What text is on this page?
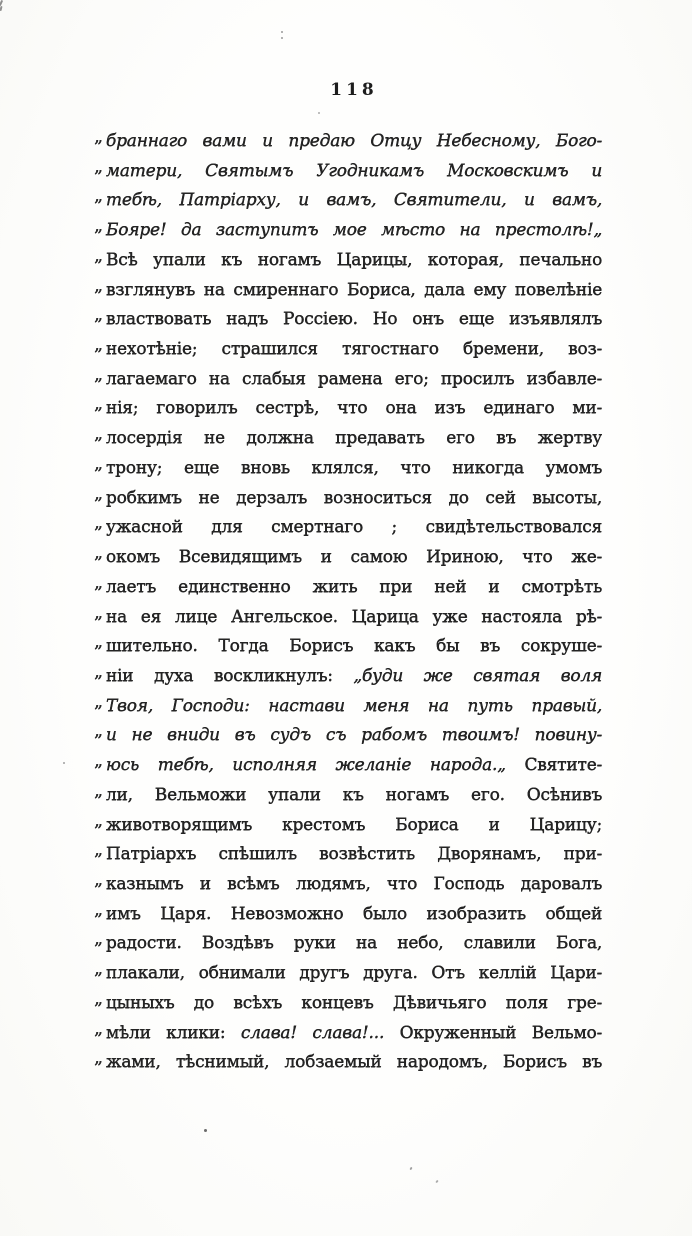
118
„ браннаго вами и предаю Отцу Небесному, Бого-
„ матери, Святымъ Угодникамъ Московскимъ и
„ тебѣ, Патріарху, и вамъ, Святители, и вамъ,
„ Бояре! да заступитъ мое мѣсто на престолѣ!„
„ Всѣ упали къ ногамъ Царицы, которая, печально
„ взглянувъ на смиреннаго Бориса, дала ему повелѣніе
„ властвовать надъ Россіею. Но онъ еще изъявлялъ
„ нехотѣніе; страшился тягостнаго бремени, воз-
„ лагаемаго на слабыя рамена его; просилъ избавле-
„ нія; говорилъ сестрѣ, что она изъ единаго ми-
„ лосердія не должна предавать его въ жертву
„ трону; еще вновь клялся, что никогда умомъ
„ робкимъ не дерзалъ возноситься до сей высоты,
„ ужасной для смертнаго ; свидѣтельствовался
„ окомъ Всевидящимъ и самою Ириною, что же-
„ лаетъ единственно жить при ней и смотрѣть
„ на ея лице Ангельское. Царица уже настояла рѣ-
„ шительно. Тогда Борисъ какъ бы въ сокруше-
„ ніи духа воскликнулъ: „буди же святая воля
„ Твоя, Господи: настави меня на путь правый,
„ и не вниди въ судъ съ рабомъ твоимъ! повину-
„ юсь тебѣ, исполняя желаніе народа.„ Святите-
„ ли, Вельможи упали къ ногамъ его. Осѣнивъ
„ животворящимъ крестомъ Бориса и Царицу;
„ Патріархъ спѣшилъ возвѣстить Дворянамъ, при-
„ казнымъ и всѣмъ людямъ, что Господь даровалъ
„ имъ Царя. Невозможно было изобразить общей
„ радости. Воздѣвъ руки на небо, славили Бога,
„ плакали, обнимали другъ друга. Отъ келлій Цари-
„ цыныхъ до всѣхъ концевъ Дѣвичьяго поля гре-
„ мѣли клики: слава! слава!... Окруженный Вельмо-
„ жами, тѣснимый, лобзаемый народомъ, Борисъ въ
